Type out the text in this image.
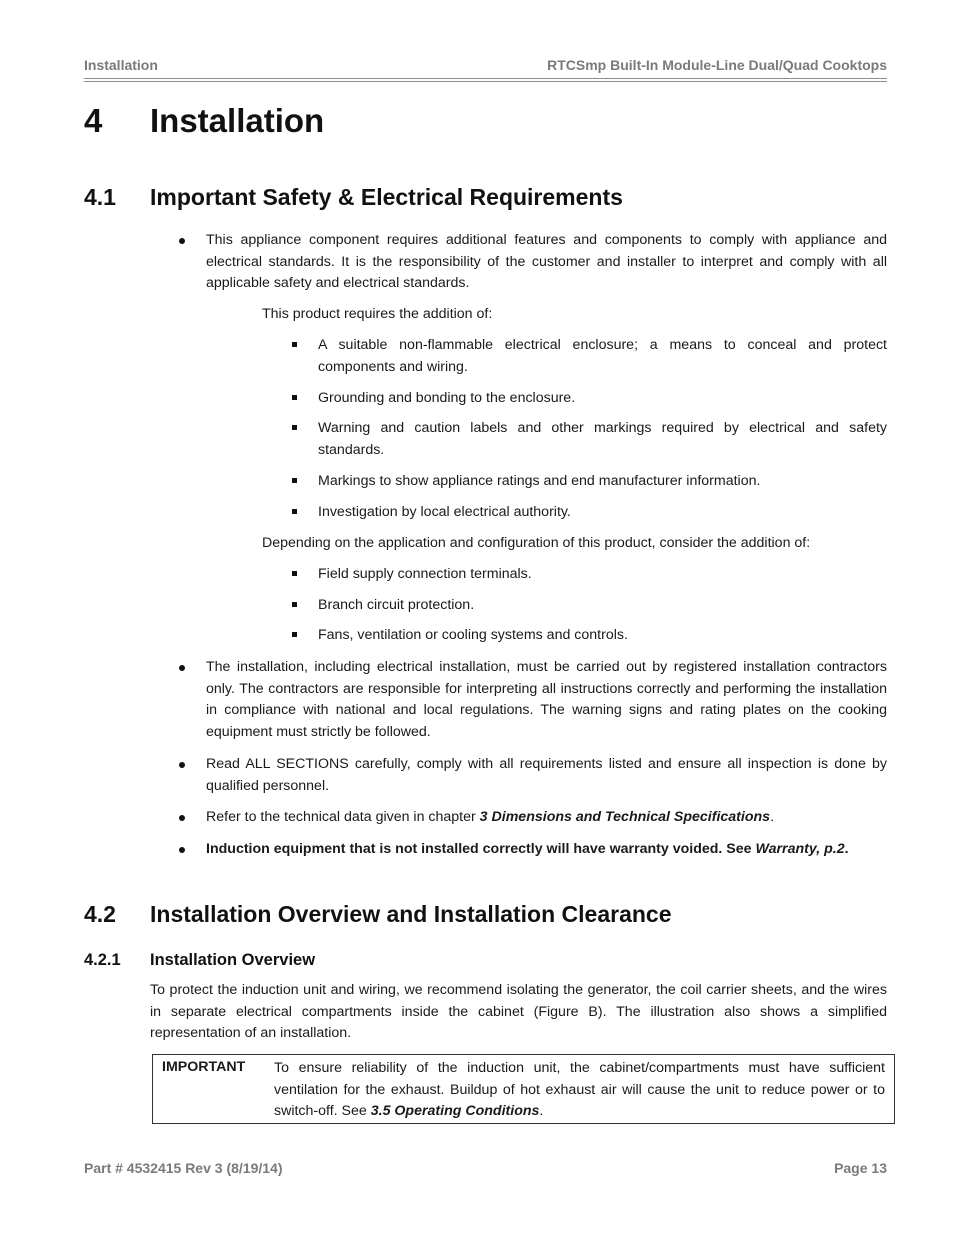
Installation	RTCSmp Built-In Module-Line Dual/Quad Cooktops
4 Installation
4.1 Important Safety & Electrical Requirements
This appliance component requires additional features and components to comply with appliance and electrical standards. It is the responsibility of the customer and installer to interpret and comply with all applicable safety and electrical standards.
This product requires the addition of:
A suitable non-flammable electrical enclosure; a means to conceal and protect components and wiring.
Grounding and bonding to the enclosure.
Warning and caution labels and other markings required by electrical and safety standards.
Markings to show appliance ratings and end manufacturer information.
Investigation by local electrical authority.
Depending on the application and configuration of this product, consider the addition of:
Field supply connection terminals.
Branch circuit protection.
Fans, ventilation or cooling systems and controls.
The installation, including electrical installation, must be carried out by registered installation contractors only. The contractors are responsible for interpreting all instructions correctly and performing the installation in compliance with national and local regulations. The warning signs and rating plates on the cooking equipment must strictly be followed.
Read ALL SECTIONS carefully, comply with all requirements listed and ensure all inspection is done by qualified personnel.
Refer to the technical data given in chapter 3 Dimensions and Technical Specifications.
Induction equipment that is not installed correctly will have warranty voided. See Warranty, p.2.
4.2 Installation Overview and Installation Clearance
4.2.1 Installation Overview
To protect the induction unit and wiring, we recommend isolating the generator, the coil carrier sheets, and the wires in separate electrical compartments inside the cabinet (Figure B). The illustration also shows a simplified representation of an installation.
IMPORTANT To ensure reliability of the induction unit, the cabinet/compartments must have sufficient ventilation for the exhaust. Buildup of hot exhaust air will cause the unit to reduce power or to switch-off. See 3.5 Operating Conditions.
Part # 4532415 Rev 3 (8/19/14)	Page 13
